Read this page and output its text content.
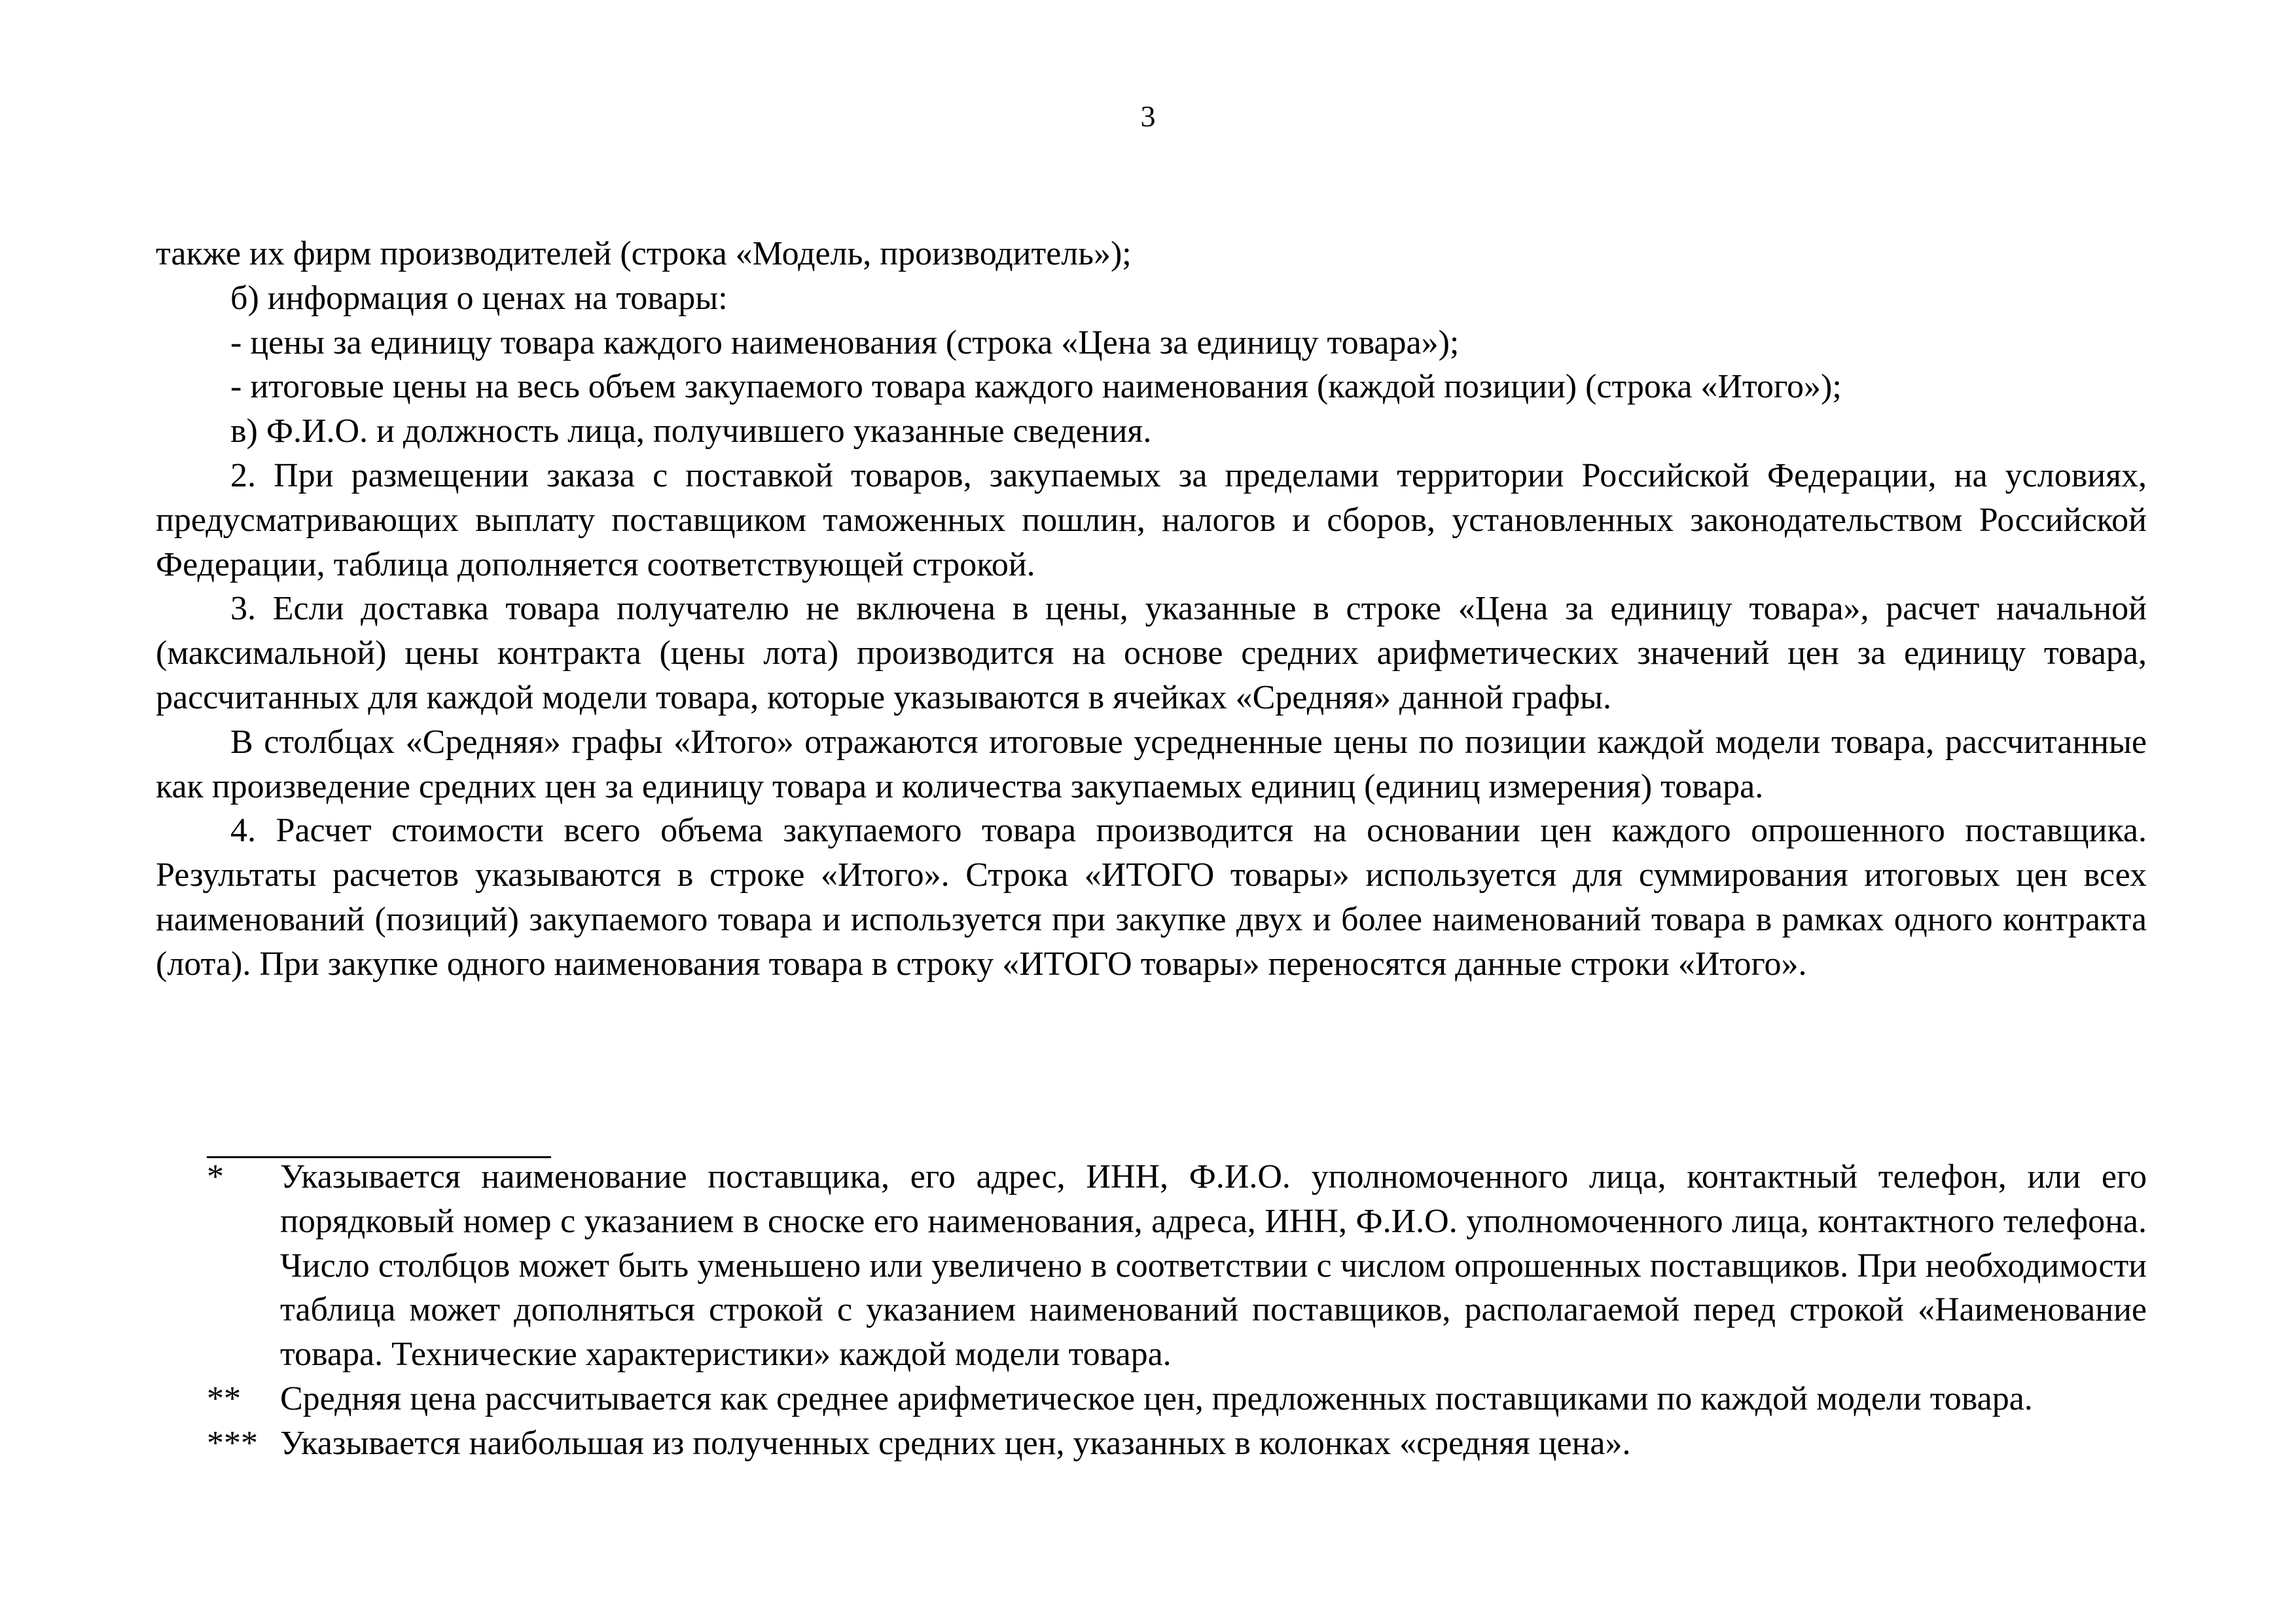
3

также их фирм производителей (строка «Модель, производитель»);

б) информация о ценах на товары:

- цены за единицу товара каждого наименования (строка «Цена за единицу товара»);

- итоговые цены на весь объем закупаемого товара каждого наименования (каждой позиции) (строка «Итого»);

в) Ф.И.О. и должность лица, получившего указанные сведения.

2. При размещении заказа с поставкой товаров, закупаемых за пределами территории Российской Федерации, на условиях, предусматривающих выплату поставщиком таможенных пошлин, налогов и сборов, установленных законодательством Российской Федерации, таблица дополняется соответствующей строкой.

3. Если доставка товара получателю не включена в цены, указанные в строке «Цена за единицу товара», расчет начальной (максимальной) цены контракта (цены лота) производится на основе средних арифметических значений цен за единицу товара, рассчитанных для каждой модели товара, которые указываются в ячейках «Средняя» данной графы.

В столбцах «Средняя» графы «Итого» отражаются итоговые усредненные цены по позиции каждой модели товара, рассчитанные как произведение средних цен за единицу товара и количества закупаемых единиц (единиц измерения) товара.

4. Расчет стоимости всего объема закупаемого товара производится на основании цен каждого опрошенного поставщика. Результаты расчетов указываются в строке «Итого». Строка «ИТОГО товары» используется для суммирования итоговых цен всех наименований (позиций) закупаемого товара и используется при закупке двух и более наименований товара в рамках одного контракта (лота). При закупке одного наименования товара в строку «ИТОГО товары» переносятся данные строки «Итого».

*	Указывается наименование поставщика, его адрес, ИНН, Ф.И.О. уполномоченного лица, контактный телефон, или его порядковый номер с указанием в сноске его наименования, адреса, ИНН, Ф.И.О. уполномоченного лица, контактного телефона. Число столбцов может быть уменьшено или увеличено в соответствии с числом опрошенных поставщиков. При необходимости таблица может дополняться строкой с указанием наименований поставщиков, располагаемой перед строкой «Наименование товара. Технические характеристики» каждой модели товара.
**	Средняя цена рассчитывается как среднее арифметическое цен, предложенных поставщиками по каждой модели товара.
*** Указывается наибольшая из полученных средних цен, указанных в колонках «средняя цена».
